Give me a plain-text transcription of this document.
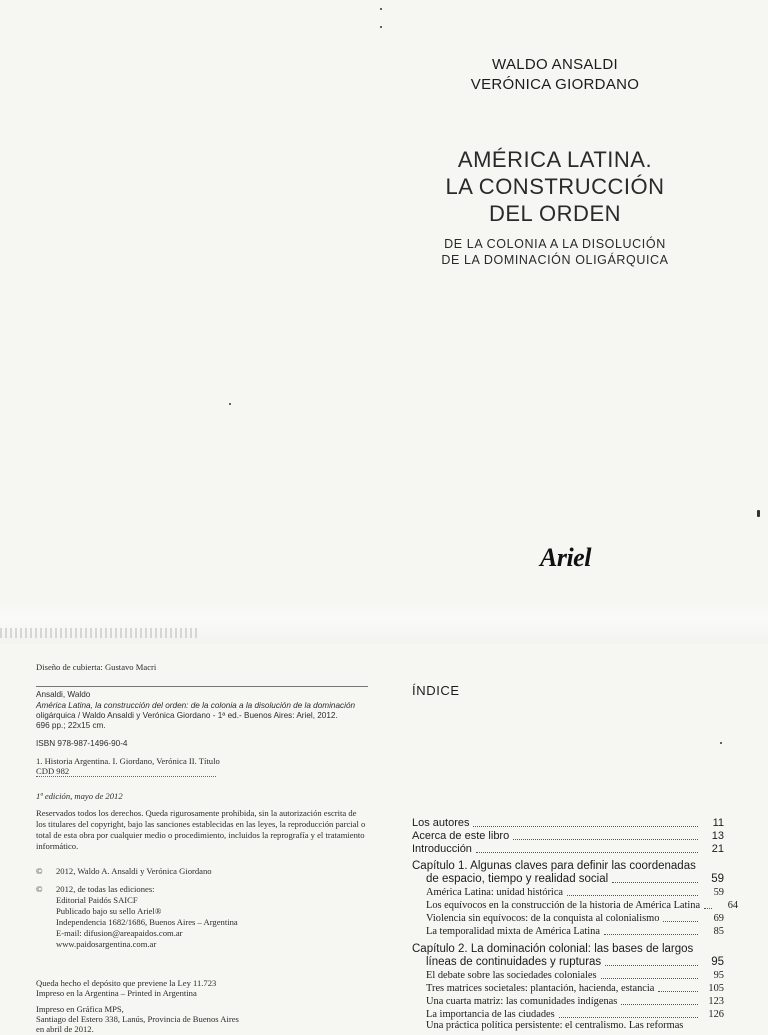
WALDO ANSALDI
VERÓNICA GIORDANO
AMÉRICA LATINA.
LA CONSTRUCCIÓN
DEL ORDEN
DE LA COLONIA A LA DISOLUCIÓN
DE LA DOMINACIÓN OLIGÁRQUICA
Ariel
Diseño de cubierta: Gustavo Macri
Ansaldi, Waldo
América Latina, la construcción del orden: de la colonia a la disolución de la dominación
oligárquica / Waldo Ansaldi y Verónica Giordano - 1ª ed.- Buenos Aires: Ariel, 2012.
696 pp.; 22x15 cm.
ISBN 978-987-1496-90-4
1. Historia Argentina. I. Giordano, Verónica II. Título
CDD 982
1ª edición, mayo de 2012
Reservados todos los derechos. Queda rigurosamente prohibida, sin la autorización escrita de
los titulares del copyright, bajo las sanciones establecidas en las leyes, la reproducción parcial o
total de esta obra por cualquier medio o procedimiento, incluidos la reprografía y el tratamiento
informático.
© 2012, Waldo A. Ansaldi y Verónica Giordano
© 2012, de todas las ediciones:
Editorial Paidós SAICF
Publicado bajo su sello Ariel®
Independencia 1682/1686, Buenos Aires – Argentina
E-mail: difusion@areapaidos.com.ar
www.paidosargentina.com.ar
Queda hecho el depósito que previene la Ley 11.723
Impreso en la Argentina – Printed in Argentina
Impreso en Gráfica MPS,
Santiago del Estero 338, Lanús, Provincia de Buenos Aires
en abril de 2012.
ÍNDICE
Los autores	11
Acerca de este libro	13
Introducción	21
Capítulo 1. Algunas claves para definir las coordenadas
de espacio, tiempo y realidad social	59
América Latina: unidad histórica	59
Los equívocos en la construcción de la historia de América Latina	64
Violencia sin equívocos: de la conquista al colonialismo	69
La temporalidad mixta de América Latina	85
Capítulo 2. La dominación colonial: las bases de largos
líneas de continuidades y rupturas	95
El debate sobre las sociedades coloniales	95
Tres matrices societales: plantación, hacienda, estancia	105
Una cuarta matriz: las comunidades indígenas	123
La importancia de las ciudades	126
Una práctica política persistente: el centralismo. Las reformas
